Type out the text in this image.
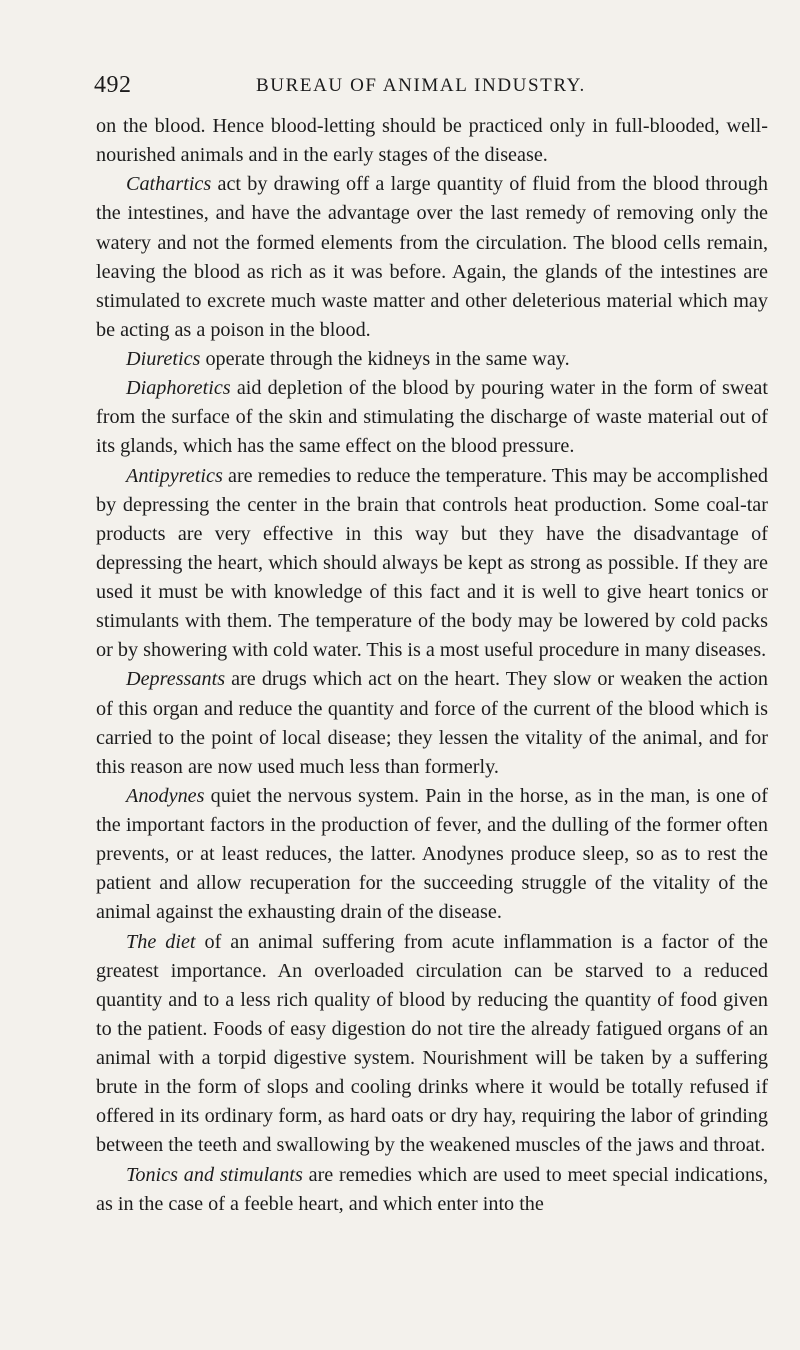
492	BUREAU OF ANIMAL INDUSTRY.

on the blood. Hence blood-letting should be practiced only in full-blooded, well-nourished animals and in the early stages of the disease.

Cathartics act by drawing off a large quantity of fluid from the blood through the intestines, and have the advantage over the last remedy of removing only the watery and not the formed elements from the circulation. The blood cells remain, leaving the blood as rich as it was before. Again, the glands of the intestines are stimulated to excrete much waste matter and other deleterious material which may be acting as a poison in the blood.

Diuretics operate through the kidneys in the same way.

Diaphoretics aid depletion of the blood by pouring water in the form of sweat from the surface of the skin and stimulating the discharge of waste material out of its glands, which has the same effect on the blood pressure.

Antipyretics are remedies to reduce the temperature. This may be accomplished by depressing the center in the brain that controls heat production. Some coal-tar products are very effective in this way but they have the disadvantage of depressing the heart, which should always be kept as strong as possible. If they are used it must be with knowledge of this fact and it is well to give heart tonics or stimulants with them. The temperature of the body may be lowered by cold packs or by showering with cold water. This is a most useful procedure in many diseases.

Depressants are drugs which act on the heart. They slow or weaken the action of this organ and reduce the quantity and force of the current of the blood which is carried to the point of local disease; they lessen the vitality of the animal, and for this reason are now used much less than formerly.

Anodynes quiet the nervous system. Pain in the horse, as in the man, is one of the important factors in the production of fever, and the dulling of the former often prevents, or at least reduces, the latter. Anodynes produce sleep, so as to rest the patient and allow recuperation for the succeeding struggle of the vitality of the animal against the exhausting drain of the disease.

The diet of an animal suffering from acute inflammation is a factor of the greatest importance. An overloaded circulation can be starved to a reduced quantity and to a less rich quality of blood by reducing the quantity of food given to the patient. Foods of easy digestion do not tire the already fatigued organs of an animal with a torpid digestive system. Nourishment will be taken by a suffering brute in the form of slops and cooling drinks where it would be totally refused if offered in its ordinary form, as hard oats or dry hay, requiring the labor of grinding between the teeth and swallowing by the weakened muscles of the jaws and throat.

Tonics and stimulants are remedies which are used to meet special indications, as in the case of a feeble heart, and which enter into the
